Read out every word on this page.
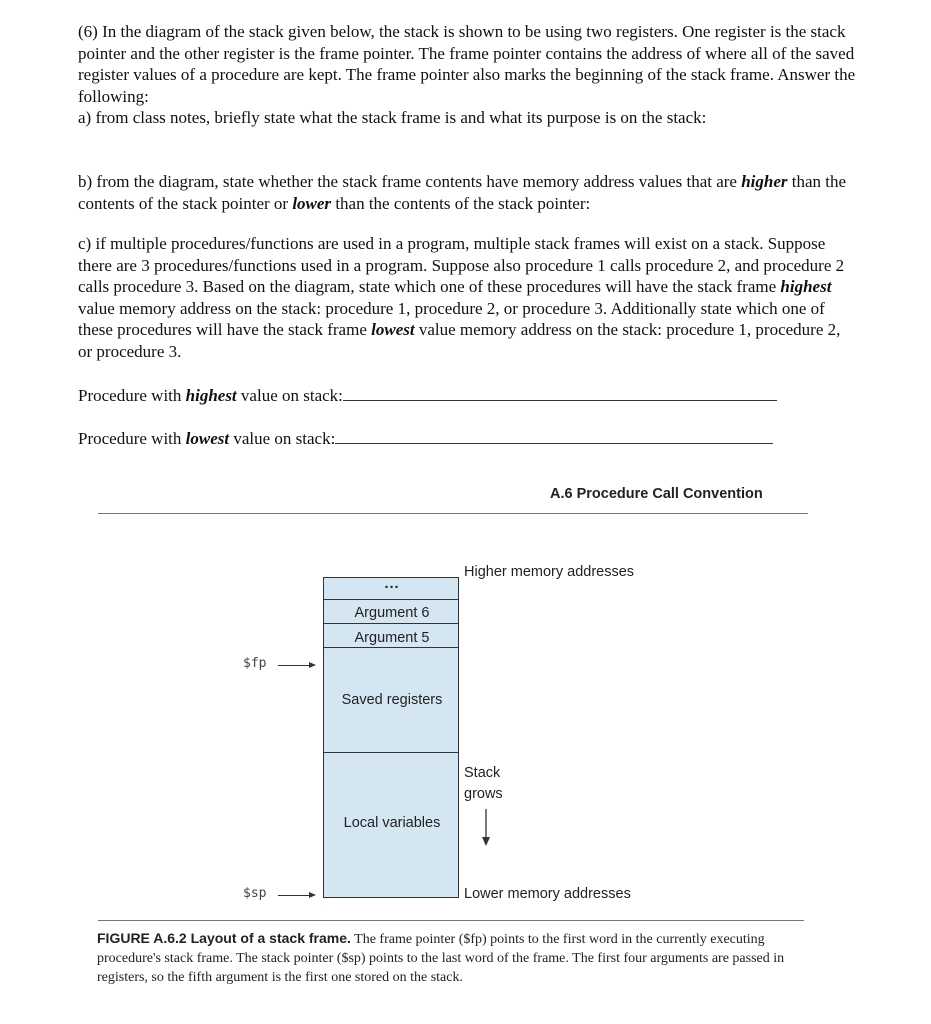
(6) In the diagram of the stack given below, the stack is shown to be using two registers. One register is the stack pointer and the other register is the frame pointer. The frame pointer contains the address of where all of the saved register values of a procedure are kept. The frame pointer also marks the beginning of the stack frame. Answer the following:

a) from class notes, briefly state what the stack frame is and what its purpose is on the stack:

b) from the diagram, state whether the stack frame contents have memory address values that are higher than the contents of the stack pointer or lower than the contents of the stack pointer:

c) if multiple procedures/functions are used in a program, multiple stack frames will exist on a stack. Suppose there are 3 procedures/functions used in a program. Suppose also procedure 1 calls procedure 2, and procedure 2 calls procedure 3. Based on the diagram, state which one of these procedures will have the stack frame highest value memory address on the stack: procedure 1, procedure 2, or procedure 3. Additionally state which one of these procedures will have the stack frame lowest value memory address on the stack: procedure 1, procedure 2, or procedure 3.

Procedure with highest value on stack:
Procedure with lowest value on stack:
A.6 Procedure Call Convention
...
Argument 6
Argument 5
Saved registers
Local variables
Higher memory addresses
Stack
grows
Lower memory addresses
$fp
$sp
FIGURE A.6.2 Layout of a stack frame. The frame pointer ($fp) points to the first word in the currently executing procedure's stack frame. The stack pointer ($sp) points to the last word of the frame. The first four arguments are passed in registers, so the fifth argument is the first one stored on the stack.
